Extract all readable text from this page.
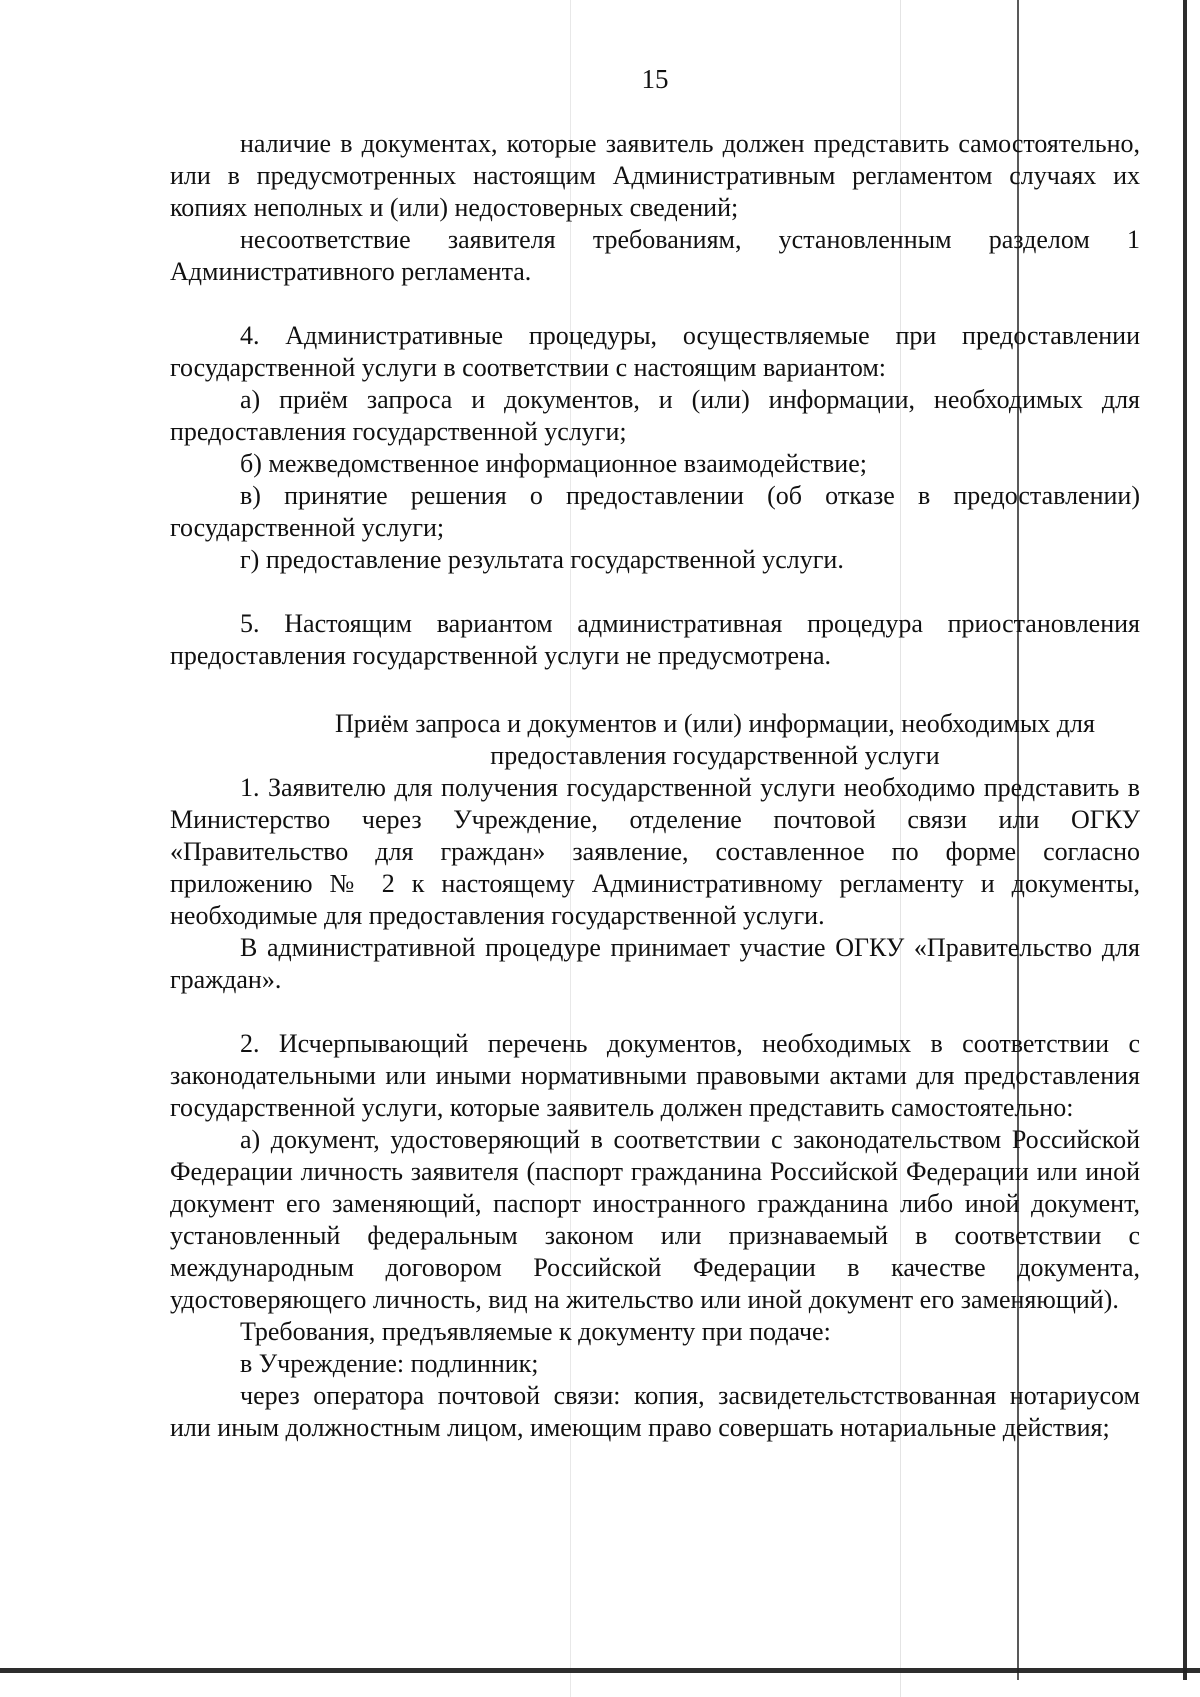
15

наличие в документах, которые заявитель должен представить самостоятельно, или в предусмотренных настоящим Административным регламентом случаях их копиях неполных и (или) недостоверных сведений;

несоответствие заявителя требованиям, установленным разделом 1 Административного регламента.

4. Административные процедуры, осуществляемые при предоставлении государственной услуги в соответствии с настоящим вариантом:

а) приём запроса и документов, и (или) информации, необходимых для предоставления государственной услуги;

б) межведомственное информационное взаимодействие;

в) принятие решения о предоставлении (об отказе в предоставлении) государственной услуги;

г) предоставление результата государственной услуги.

5. Настоящим вариантом административная процедура приостановления предоставления государственной услуги не предусмотрена.

Приём запроса и документов и (или) информации, необходимых для

предоставления государственной услуги

1. Заявителю для получения государственной услуги необходимо представить в Министерство через Учреждение, отделение почтовой связи или ОГКУ «Правительство для граждан» заявление, составленное по форме согласно приложению № 2 к настоящему Административному регламенту и документы, необходимые для предоставления государственной услуги.

В административной процедуре принимает участие ОГКУ «Правительство для граждан».

2. Исчерпывающий перечень документов, необходимых в соответствии с законодательными или иными нормативными правовыми актами для предоставления государственной услуги, которые заявитель должен представить самостоятельно:

а) документ, удостоверяющий в соответствии с законодательством Российской Федерации личность заявителя (паспорт гражданина Российской Федерации или иной документ его заменяющий, паспорт иностранного гражданина либо иной документ, установленный федеральным законом или признаваемый в соответствии с международным договором Российской Федерации в качестве документа, удостоверяющего личность, вид на жительство или иной документ его заменяющий).

Требования, предъявляемые к документу при подаче:

в Учреждение: подлинник;

через оператора почтовой связи: копия, засвидетельстствованная нотариусом или иным должностным лицом, имеющим право совершать нотариальные действия;
